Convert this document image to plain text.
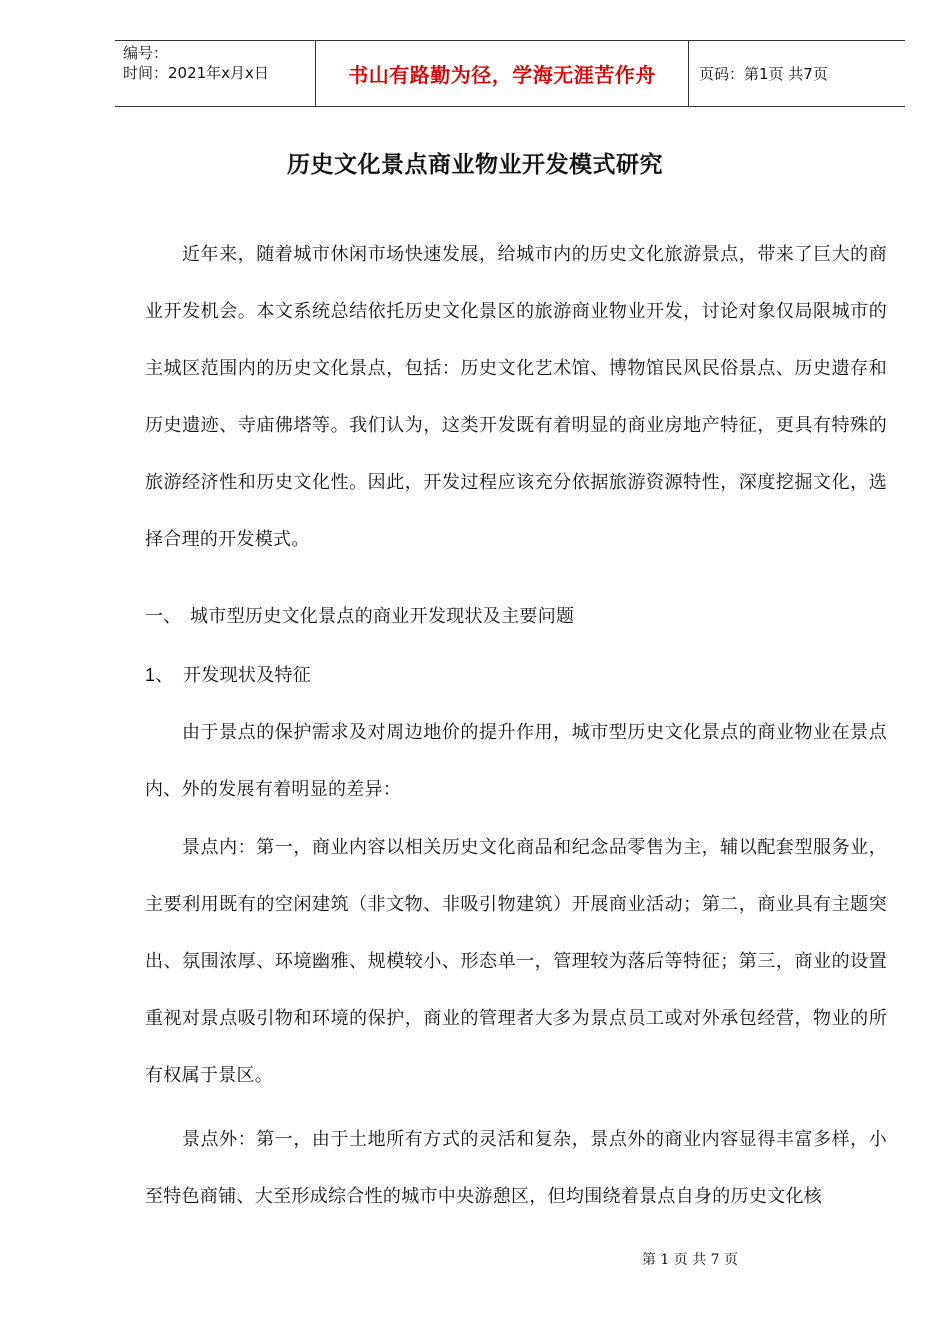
编号：
时间：2021年x月x日	书山有路勤为径，学海无涯苦作舟	页码：第1页 共7页
历史文化景点商业物业开发模式研究

近年来，随着城市休闲市场快速发展，给城市内的历史文化旅游景点，带来了巨大的商业开发机会。本文系统总结依托历史文化景区的旅游商业物业开发，讨论对象仅局限城市的主城区范围内的历史文化景点，包括：历史文化艺术馆、博物馆民风民俗景点、历史遗存和历史遗迹、寺庙佛塔等。我们认为，这类开发既有着明显的商业房地产特征，更具有特殊的旅游经济性和历史文化性。因此，开发过程应该充分依据旅游资源特性，深度挖掘文化，选择合理的开发模式。

一、 城市型历史文化景点的商业开发现状及主要问题
1、 开发现状及特征

由于景点的保护需求及对周边地价的提升作用，城市型历史文化景点的商业物业在景点内、外的发展有着明显的差异：

景点内：第一，商业内容以相关历史文化商品和纪念品零售为主，辅以配套型服务业，主要利用既有的空闲建筑（非文物、非吸引物建筑）开展商业活动；第二，商业具有主题突出、氛围浓厚、环境幽雅、规模较小、形态单一，管理较为落后等特征；第三，商业的设置重视对景点吸引物和环境的保护，商业的管理者大多为景点员工或对外承包经营，物业的所有权属于景区。

景点外：第一，由于土地所有方式的灵活和复杂，景点外的商业内容显得丰富多样，小至特色商铺、大至形成综合性的城市中央游憩区，但均围绕着景点自身的历史文化核

第 1 页 共 7 页
